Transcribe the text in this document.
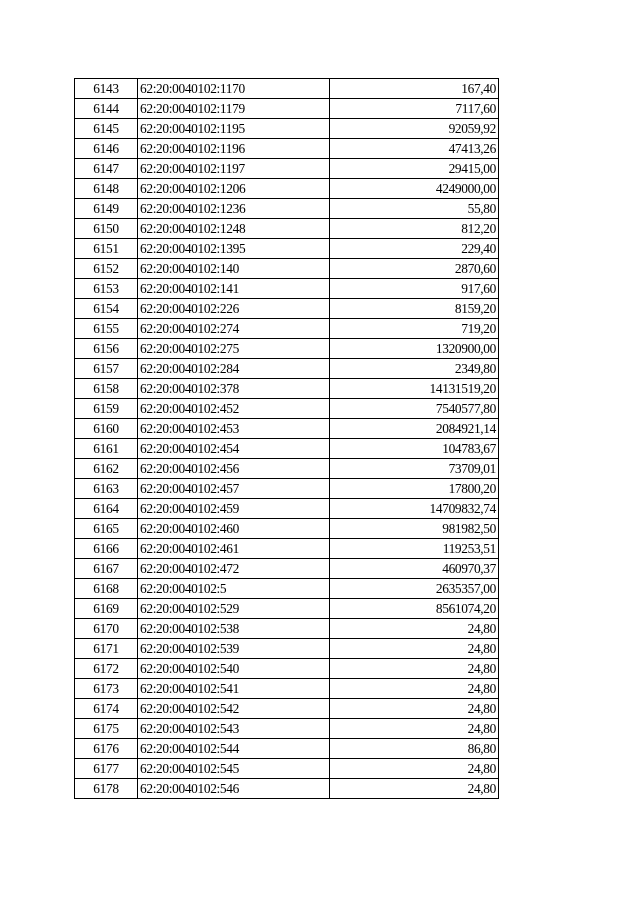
6143	62:20:0040102:1170	167,40
6144	62:20:0040102:1179	7117,60
6145	62:20:0040102:1195	92059,92
6146	62:20:0040102:1196	47413,26
6147	62:20:0040102:1197	29415,00
6148	62:20:0040102:1206	4249000,00
6149	62:20:0040102:1236	55,80
6150	62:20:0040102:1248	812,20
6151	62:20:0040102:1395	229,40
6152	62:20:0040102:140	2870,60
6153	62:20:0040102:141	917,60
6154	62:20:0040102:226	8159,20
6155	62:20:0040102:274	719,20
6156	62:20:0040102:275	1320900,00
6157	62:20:0040102:284	2349,80
6158	62:20:0040102:378	14131519,20
6159	62:20:0040102:452	7540577,80
6160	62:20:0040102:453	2084921,14
6161	62:20:0040102:454	104783,67
6162	62:20:0040102:456	73709,01
6163	62:20:0040102:457	17800,20
6164	62:20:0040102:459	14709832,74
6165	62:20:0040102:460	981982,50
6166	62:20:0040102:461	119253,51
6167	62:20:0040102:472	460970,37
6168	62:20:0040102:5	2635357,00
6169	62:20:0040102:529	8561074,20
6170	62:20:0040102:538	24,80
6171	62:20:0040102:539	24,80
6172	62:20:0040102:540	24,80
6173	62:20:0040102:541	24,80
6174	62:20:0040102:542	24,80
6175	62:20:0040102:543	24,80
6176	62:20:0040102:544	86,80
6177	62:20:0040102:545	24,80
6178	62:20:0040102:546	24,80
